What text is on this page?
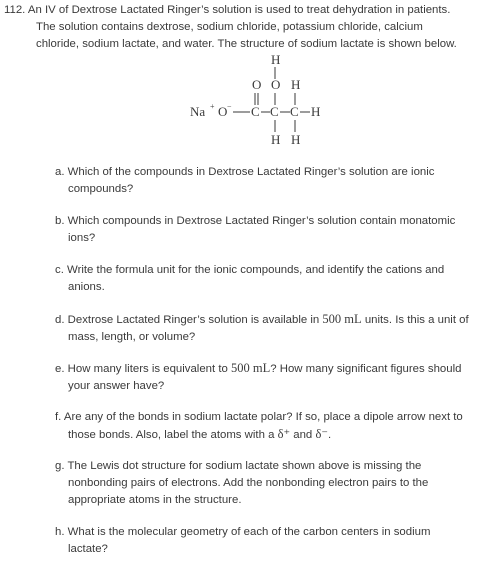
112. An IV of Dextrose Lactated Ringer’s solution is used to treat dehydration in patients.
The solution contains dextrose, sodium chloride, potassium chloride, calcium
chloride, sodium lactate, and water. The structure of sodium lactate is shown below.
H
O O H
Na + O − C C C H
H H
a. Which of the compounds in Dextrose Lactated Ringer’s solution are ionic
compounds?
b. Which compounds in Dextrose Lactated Ringer’s solution contain monatomic
ions?
c. Write the formula unit for the ionic compounds, and identify the cations and
anions.
d. Dextrose Lactated Ringer’s solution is available in 500 mL units. Is this a unit of
mass, length, or volume?
e. How many liters is equivalent to 500 mL? How many significant figures should
your answer have?
f. Are any of the bonds in sodium lactate polar? If so, place a dipole arrow next to
those bonds. Also, label the atoms with a δ⁺ and δ⁻.
g. The Lewis dot structure for sodium lactate shown above is missing the
nonbonding pairs of electrons. Add the nonbonding electron pairs to the
appropriate atoms in the structure.
h. What is the molecular geometry of each of the carbon centers in sodium
lactate?
